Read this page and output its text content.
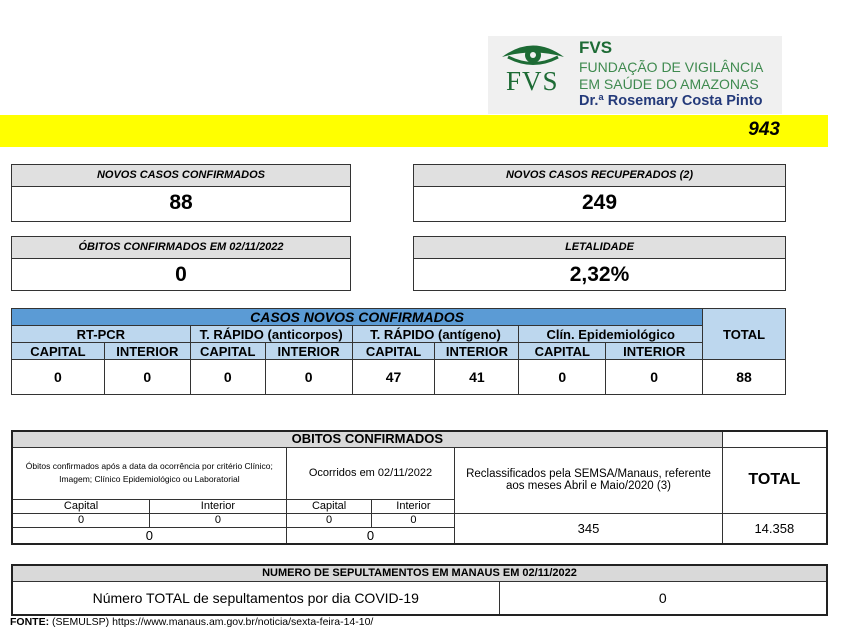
FVS
FVS
FUNDAÇÃO DE VIGILÂNCIA
EM SAÚDE DO AMAZONAS
Dr.ª Rosemary Costa Pinto
943
NOVOS CASOS CONFIRMADOS
88
NOVOS CASOS RECUPERADOS (2)
249
ÓBITOS CONFIRMADOS EM 02/11/2022
0
LETALIDADE
2,32%
CASOS NOVOS CONFIRMADOS								TOTAL
RT-PCR		T. RÁPIDO (anticorpos)		T. RÁPIDO (antígeno)		Clín. Epidemiológico		
CAPITAL	INTERIOR	CAPITAL	INTERIOR	CAPITAL	INTERIOR	CAPITAL	INTERIOR	
0	0	0	0	47	41	0	0	88
OBITOS CONFIRMADOS					
Óbitos confirmados após a data da ocorrência por critério Clínico; Imagem; Clínico Epidemiológico ou Laboratorial		Ocorridos em 02/11/2022		Reclassificados pela SEMSA/Manaus, referente aos meses Abril e Maio/2020 (3)	TOTAL
Capital	Interior	Capital	Interior		
0	0	0	0	345	14.358
0		0			
NUMERO DE SEPULTAMENTOS EM MANAUS EM 02/11/2022
Número TOTAL de sepultamentos por dia COVID-19	0
FONTE: (SEMULSP) https://www.manaus.am.gov.br/noticia/sexta-feira-14-10/
